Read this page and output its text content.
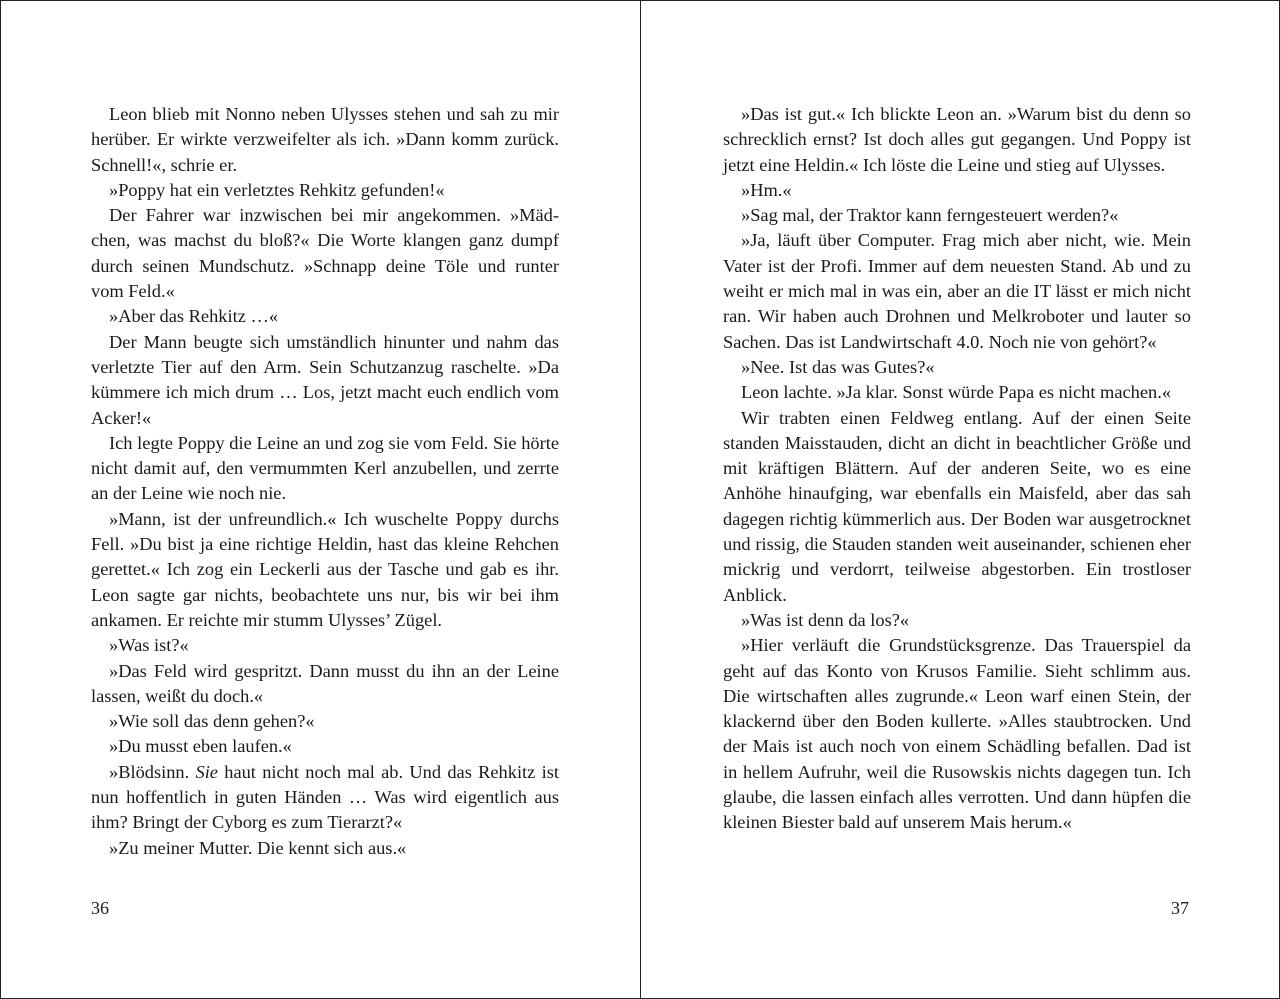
Leon blieb mit Nonno neben Ulysses stehen und sah zu mir herüber. Er wirkte verzweifelter als ich. »Dann komm zurück. Schnell!«, schrie er.

»Poppy hat ein verletztes Rehkitz gefunden!«

Der Fahrer war inzwischen bei mir angekommen. »Mädchen, was machst du bloß?« Die Worte klangen ganz dumpf durch seinen Mundschutz. »Schnapp deine Töle und runter vom Feld.«

»Aber das Rehkitz …«

Der Mann beugte sich umständlich hinunter und nahm das verletzte Tier auf den Arm. Sein Schutzanzug raschelte. »Da kümmere ich mich drum … Los, jetzt macht euch endlich vom Acker!«

Ich legte Poppy die Leine an und zog sie vom Feld. Sie hörte nicht damit auf, den vermummten Kerl anzubellen, und zerrte an der Leine wie noch nie.

»Mann, ist der unfreundlich.« Ich wuschelte Poppy durchs Fell. »Du bist ja eine richtige Heldin, hast das kleine Rehchen gerettet.« Ich zog ein Leckerli aus der Tasche und gab es ihr. Leon sagte gar nichts, beobachtete uns nur, bis wir bei ihm ankamen. Er reichte mir stumm Ulysses’ Zügel.

»Was ist?«

»Das Feld wird gespritzt. Dann musst du ihn an der Leine lassen, weißt du doch.«

»Wie soll das denn gehen?«

»Du musst eben laufen.«

»Blödsinn. Sie haut nicht noch mal ab. Und das Rehkitz ist nun hoffentlich in guten Händen … Was wird eigentlich aus ihm? Bringt der Cyborg es zum Tierarzt?«

»Zu meiner Mutter. Die kennt sich aus.«

»Das ist gut.« Ich blickte Leon an. »Warum bist du denn so schrecklich ernst? Ist doch alles gut gegangen. Und Poppy ist jetzt eine Heldin.« Ich löste die Leine und stieg auf Ulysses.

»Hm.«

»Sag mal, der Traktor kann ferngesteuert werden?«

»Ja, läuft über Computer. Frag mich aber nicht, wie. Mein Vater ist der Profi. Immer auf dem neuesten Stand. Ab und zu weiht er mich mal in was ein, aber an die IT lässt er mich nicht ran. Wir haben auch Drohnen und Melkroboter und lauter so Sachen. Das ist Landwirtschaft 4.0. Noch nie von gehört?«

»Nee. Ist das was Gutes?«

Leon lachte. »Ja klar. Sonst würde Papa es nicht machen.«

Wir trabten einen Feldweg entlang. Auf der einen Seite standen Maisstauden, dicht an dicht in beachtlicher Größe und mit kräftigen Blättern. Auf der anderen Seite, wo es eine Anhöhe hinaufging, war ebenfalls ein Maisfeld, aber das sah dagegen richtig kümmerlich aus. Der Boden war ausgetrocknet und rissig, die Stauden standen weit auseinander, schienen eher mickrig und verdorrt, teilweise abgestorben. Ein trostloser Anblick.

»Was ist denn da los?«

»Hier verläuft die Grundstücksgrenze. Das Trauerspiel da geht auf das Konto von Krusos Familie. Sieht schlimm aus. Die wirtschaften alles zugrunde.« Leon warf einen Stein, der klackernd über den Boden kullerte. »Alles staubtrocken. Und der Mais ist auch noch von einem Schädling befallen. Dad ist in hellem Aufruhr, weil die Rusowskis nichts dagegen tun. Ich glaube, die lassen einfach alles verrotten. Und dann hüpfen die kleinen Biester bald auf unserem Mais herum.«

36	37
